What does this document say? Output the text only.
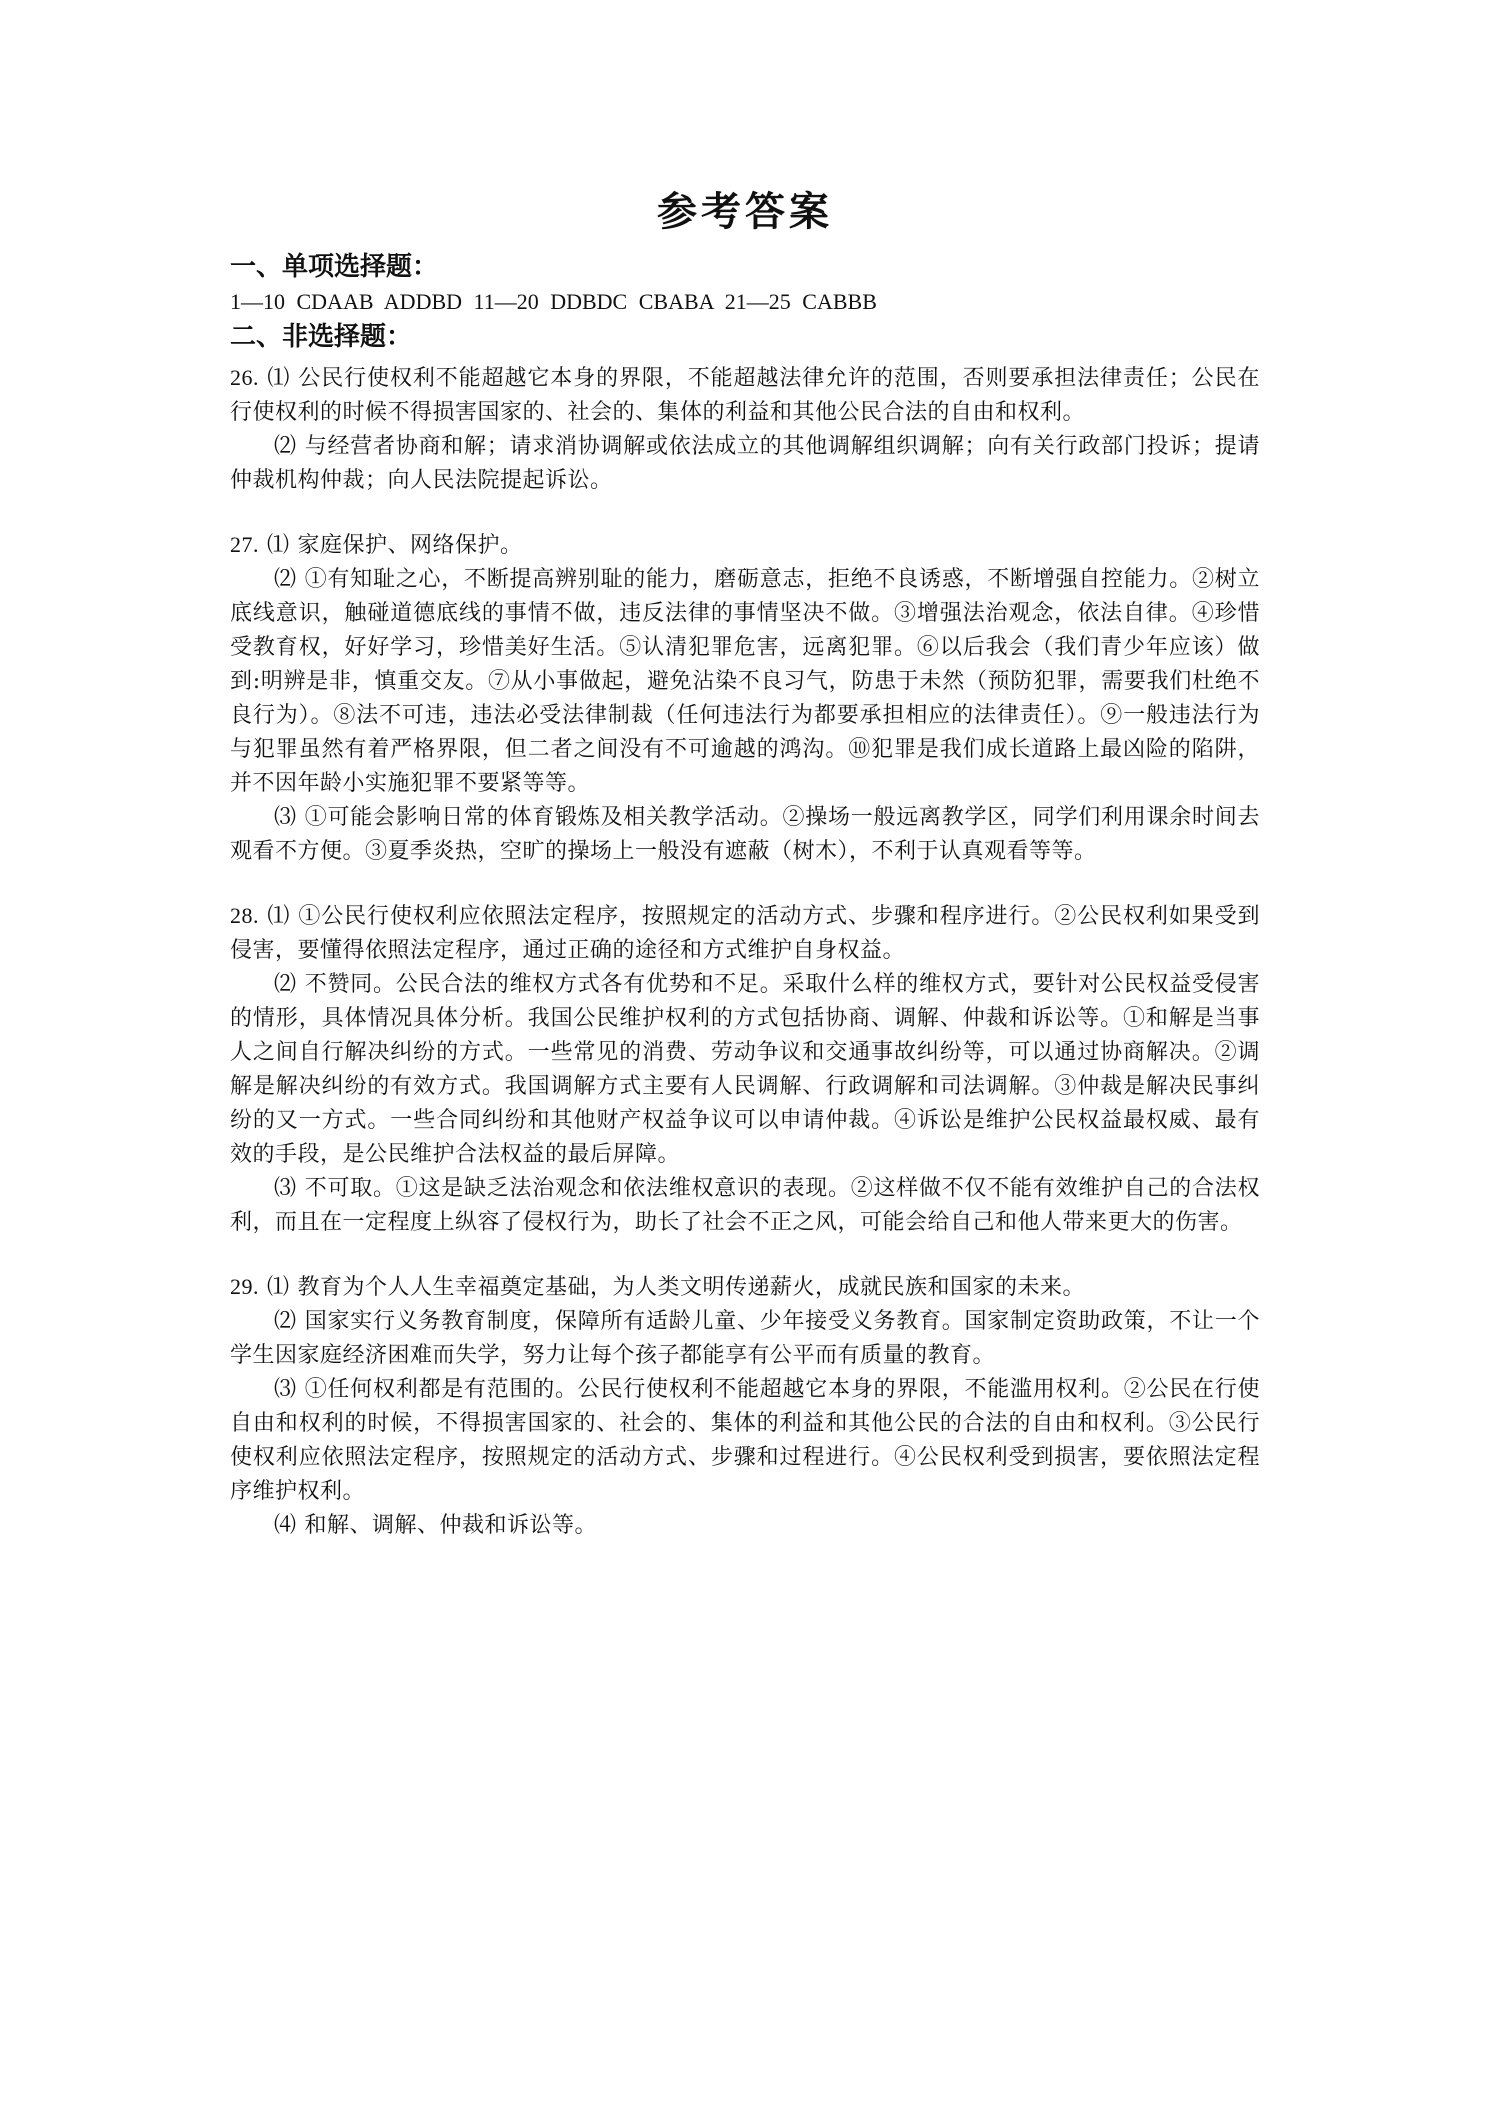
参考答案

一、单项选择题：

1—10 CDAAB ADDBD 11—20 DDBDC CBABA 21—25 CABBB

二、非选择题：

26. ⑴ 公民行使权利不能超越它本身的界限，不能超越法律允许的范围，否则要承担法律责任；公民在行使权利的时候不得损害国家的、社会的、集体的利益和其他公民合法的自由和权利。

⑵ 与经营者协商和解；请求消协调解或依法成立的其他调解组织调解；向有关行政部门投诉；提请仲裁机构仲裁；向人民法院提起诉讼。

27. ⑴ 家庭保护、网络保护。

⑵ ①有知耻之心，不断提高辨别耻的能力，磨砺意志，拒绝不良诱惑，不断增强自控能力。②树立底线意识，触碰道德底线的事情不做，违反法律的事情坚决不做。③增强法治观念，依法自律。④珍惜受教育权，好好学习，珍惜美好生活。⑤认清犯罪危害，远离犯罪。⑥以后我会（我们青少年应该）做到:明辨是非，慎重交友。⑦从小事做起，避免沾染不良习气，防患于未然（预防犯罪，需要我们杜绝不良行为）。⑧法不可违，违法必受法律制裁（任何违法行为都要承担相应的法律责任）。⑨一般违法行为与犯罪虽然有着严格界限，但二者之间没有不可逾越的鸿沟。⑩犯罪是我们成长道路上最凶险的陷阱，并不因年龄小实施犯罪不要紧等等。

⑶ ①可能会影响日常的体育锻炼及相关教学活动。②操场一般远离教学区，同学们利用课余时间去观看不方便。③夏季炎热，空旷的操场上一般没有遮蔽（树木），不利于认真观看等等。

28. ⑴ ①公民行使权利应依照法定程序，按照规定的活动方式、步骤和程序进行。②公民权利如果受到侵害，要懂得依照法定程序，通过正确的途径和方式维护自身权益。

⑵ 不赞同。公民合法的维权方式各有优势和不足。采取什么样的维权方式，要针对公民权益受侵害的情形，具体情况具体分析。我国公民维护权利的方式包括协商、调解、仲裁和诉讼等。①和解是当事人之间自行解决纠纷的方式。一些常见的消费、劳动争议和交通事故纠纷等，可以通过协商解决。②调解是解决纠纷的有效方式。我国调解方式主要有人民调解、行政调解和司法调解。③仲裁是解决民事纠纷的又一方式。一些合同纠纷和其他财产权益争议可以申请仲裁。④诉讼是维护公民权益最权威、最有效的手段，是公民维护合法权益的最后屏障。

⑶ 不可取。①这是缺乏法治观念和依法维权意识的表现。②这样做不仅不能有效维护自己的合法权利，而且在一定程度上纵容了侵权行为，助长了社会不正之风，可能会给自己和他人带来更大的伤害。

29. ⑴ 教育为个人人生幸福奠定基础，为人类文明传递薪火，成就民族和国家的未来。

⑵ 国家实行义务教育制度，保障所有适龄儿童、少年接受义务教育。国家制定资助政策，不让一个学生因家庭经济困难而失学，努力让每个孩子都能享有公平而有质量的教育。

⑶ ①任何权利都是有范围的。公民行使权利不能超越它本身的界限，不能滥用权利。②公民在行使自由和权利的时候，不得损害国家的、社会的、集体的利益和其他公民的合法的自由和权利。③公民行使权利应依照法定程序，按照规定的活动方式、步骤和过程进行。④公民权利受到损害，要依照法定程序维护权利。

⑷ 和解、调解、仲裁和诉讼等。
